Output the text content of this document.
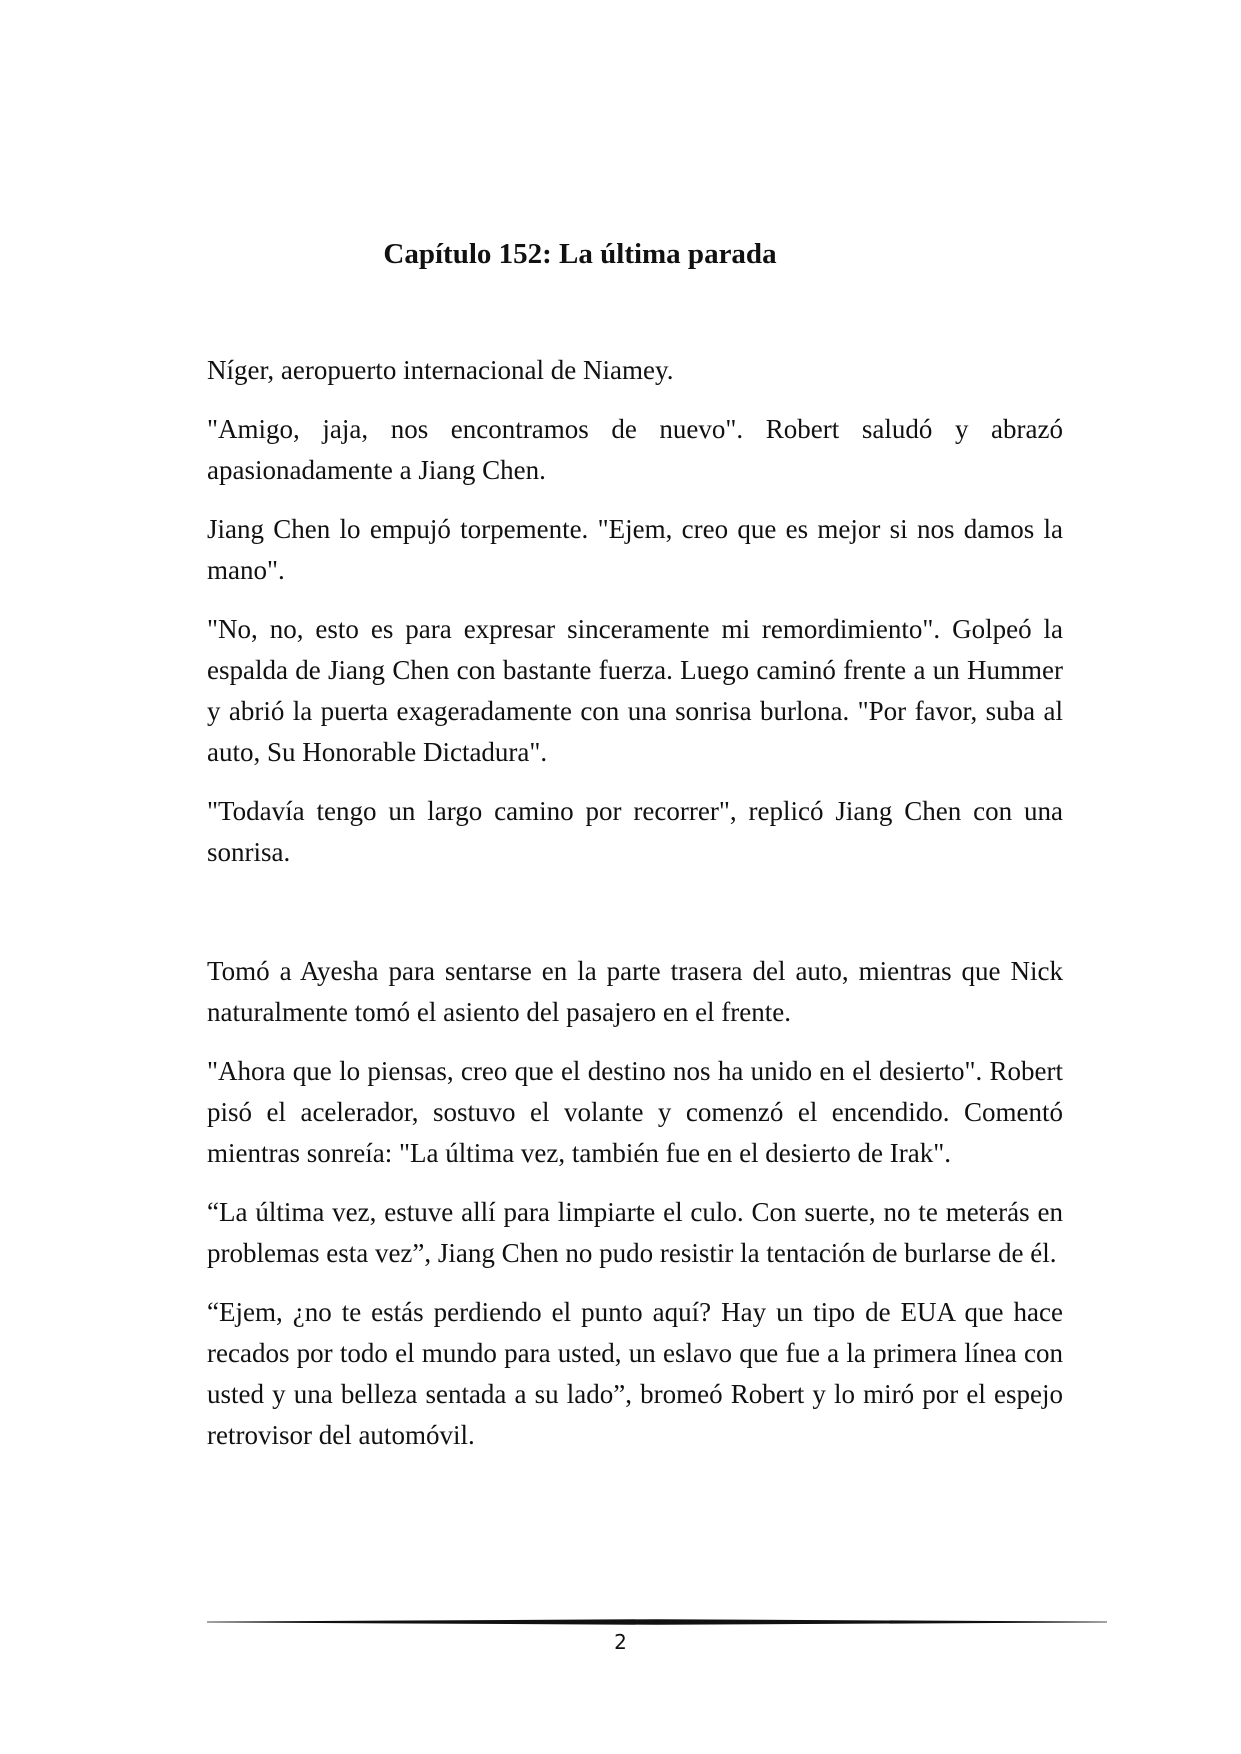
Capítulo 152: La última parada

Níger, aeropuerto internacional de Niamey.

"Amigo, jaja, nos encontramos de nuevo". Robert saludó y abrazó apasionadamente a Jiang Chen.

Jiang Chen lo empujó torpemente. "Ejem, creo que es mejor si nos damos la mano".

"No, no, esto es para expresar sinceramente mi remordimiento". Golpeó la espalda de Jiang Chen con bastante fuerza. Luego caminó frente a un Hummer y abrió la puerta exageradamente con una sonrisa burlona. "Por favor, suba al auto, Su Honorable Dictadura".

"Todavía tengo un largo camino por recorrer", replicó Jiang Chen con una sonrisa.

Tomó a Ayesha para sentarse en la parte trasera del auto, mientras que Nick naturalmente tomó el asiento del pasajero en el frente.

"Ahora que lo piensas, creo que el destino nos ha unido en el desierto". Robert pisó el acelerador, sostuvo el volante y comenzó el encendido. Comentó mientras sonreía: "La última vez, también fue en el desierto de Irak".

“La última vez, estuve allí para limpiarte el culo. Con suerte, no te meterás en problemas esta vez”, Jiang Chen no pudo resistir la tentación de burlarse de él.

“Ejem, ¿no te estás perdiendo el punto aquí? Hay un tipo de EUA que hace recados por todo el mundo para usted, un eslavo que fue a la primera línea con usted y una belleza sentada a su lado”, bromeó Robert y lo miró por el espejo retrovisor del automóvil.

2
